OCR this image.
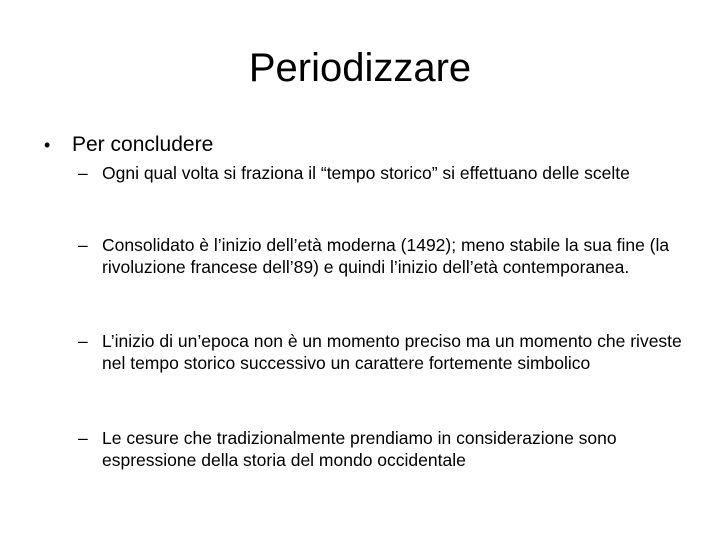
Periodizzare
•	Per concludere
– Ogni qual volta si fraziona il “tempo storico” si effettuano delle scelte
– Consolidato è l’inizio dell’età moderna (1492); meno stabile la sua fine (la rivoluzione francese dell’89) e quindi l’inizio dell’età contemporanea.
– L’inizio di un’epoca non è un momento preciso ma un momento che riveste nel tempo storico successivo un carattere fortemente simbolico
– Le cesure che tradizionalmente prendiamo in considerazione sono espressione della storia del mondo occidentale
